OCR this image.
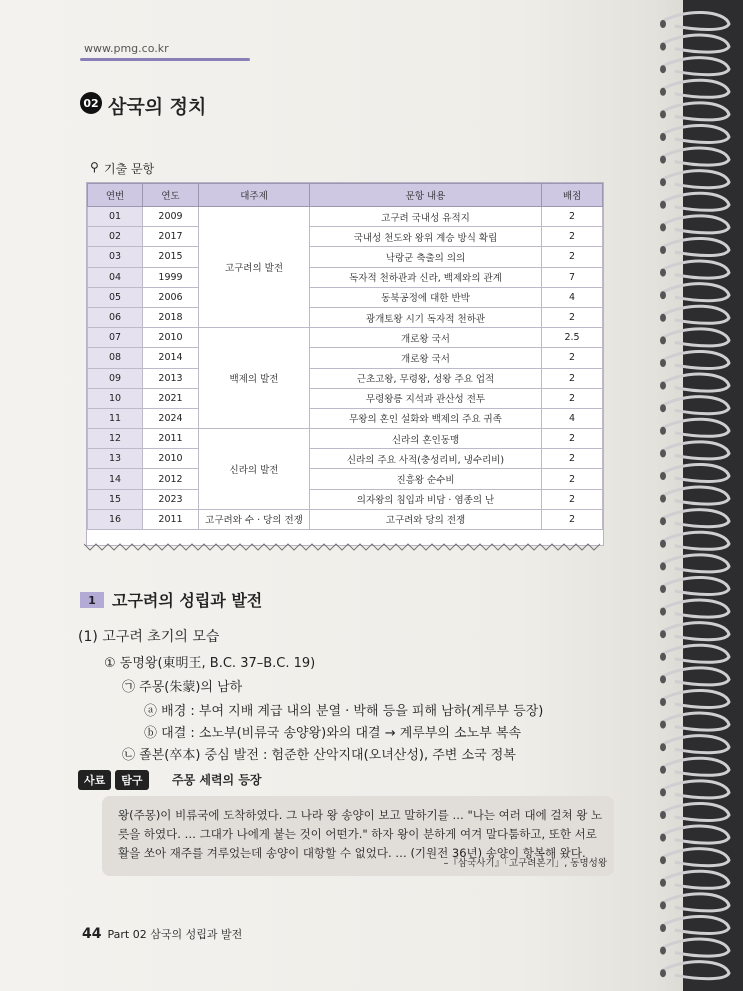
www.pmg.co.kr
02 삼국의 정치
⚲ 기출 문항
연번	연도	대주제	문항 내용	배점
01	2009	고구려의 발전	고구려 국내성 유적지	2
02	2017		국내성 천도와 왕위 계승 방식 확립	2
03	2015		낙랑군 축출의 의의	2
04	1999		독자적 천하관과 신라, 백제와의 관계	7
05	2006		동북공정에 대한 반박	4
06	2018		광개토왕 시기 독자적 천하관	2
07	2010	백제의 발전	개로왕 국서	2.5
08	2014		개로왕 국서	2
09	2013		근초고왕, 무령왕, 성왕 주요 업적	2
10	2021		무령왕릉 지석과 관산성 전투	2
11	2024		무왕의 혼인 설화와 백제의 주요 귀족	4
12	2011	신라의 발전	신라의 혼인동맹	2
13	2010		신라의 주요 사적(충성리비, 냉수리비)	2
14	2012		진흥왕 순수비	2
15	2023		의자왕의 침입과 비담 · 염종의 난	2
16	2011	고구려와 수 · 당의 전쟁	고구려와 당의 전쟁	2
1	고구려의 성립과 발전
(1) 고구려 초기의 모습
① 동명왕(東明王, B.C. 37–B.C. 19)
㉠ 주몽(朱蒙)의 남하
ⓐ 배경 : 부여 지배 계급 내의 분열 · 박해 등을 피해 남하(계루부 등장)
ⓑ 대결 : 소노부(비류국 송양왕)와의 대결 → 계루부의 소노부 복속
㉡ 졸본(卒本) 중심 발전 : 험준한 산악지대(오녀산성), 주변 소국 정복
사료	탐구	주몽 세력의 등장
왕(주몽)이 비류국에 도착하였다. 그 나라 왕 송양이 보고 말하기를 … "나는 여러 대에 걸쳐 왕 노릇을 하였다. … 그대가 나에게 붙는 것이 어떤가." 하자 왕이 분하게 여겨 말다툼하고, 또한 서로 활을 쏘아 재주를 겨루었는데 송양이 대항할 수 없었다. … (기원전 36년) 송양이 항복해 왔다.
–『삼국사기』「고구려본기」, 동명성왕
44 Part 02 삼국의 성립과 발전
